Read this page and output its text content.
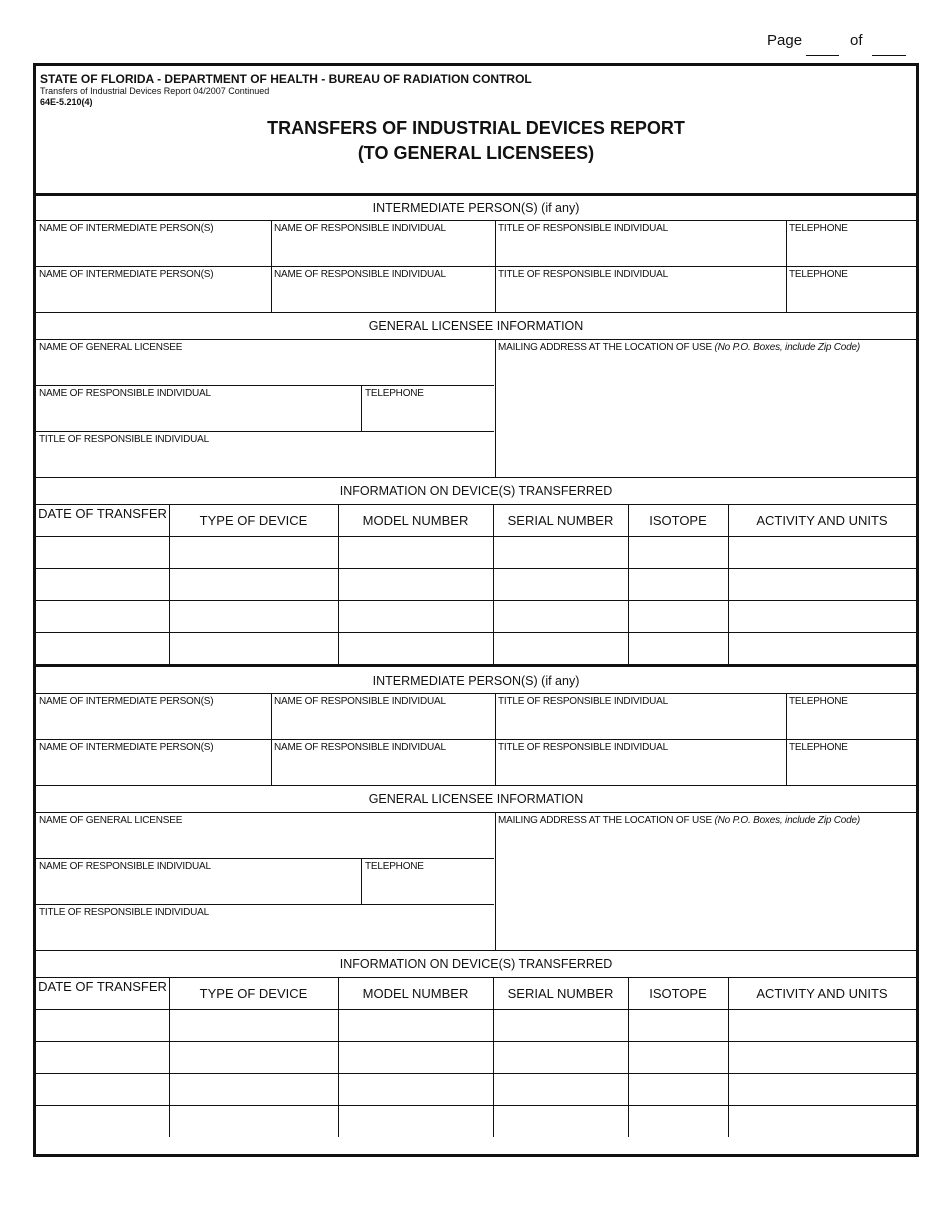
Page	of
STATE OF FLORIDA - DEPARTMENT OF HEALTH - BUREAU OF RADIATION CONTROL
Transfers of Industrial Devices Report 04/2007 Continued
64E-5.210(4)
TRANSFERS OF INDUSTRIAL DEVICES REPORT
(TO GENERAL LICENSEES)
INTERMEDIATE PERSON(S) (if any)
NAME OF INTERMEDIATE PERSON(S)	NAME OF RESPONSIBLE INDIVIDUAL	TITLE OF RESPONSIBLE INDIVIDUAL	TELEPHONE
NAME OF INTERMEDIATE PERSON(S)	NAME OF RESPONSIBLE INDIVIDUAL	TITLE OF RESPONSIBLE INDIVIDUAL	TELEPHONE
GENERAL LICENSEE INFORMATION
NAME OF GENERAL LICENSEE	MAILING ADDRESS AT THE LOCATION OF USE (No P.O. Boxes, include Zip Code)
NAME OF RESPONSIBLE INDIVIDUAL	TELEPHONE
TITLE OF RESPONSIBLE INDIVIDUAL
INFORMATION ON DEVICE(S) TRANSFERRED
DATE OF TRANSFER	TYPE OF DEVICE	MODEL NUMBER	SERIAL NUMBER	ISOTOPE	ACTIVITY AND UNITS
INTERMEDIATE PERSON(S) (if any)
NAME OF INTERMEDIATE PERSON(S)	NAME OF RESPONSIBLE INDIVIDUAL	TITLE OF RESPONSIBLE INDIVIDUAL	TELEPHONE
NAME OF INTERMEDIATE PERSON(S)	NAME OF RESPONSIBLE INDIVIDUAL	TITLE OF RESPONSIBLE INDIVIDUAL	TELEPHONE
GENERAL LICENSEE INFORMATION
NAME OF GENERAL LICENSEE	MAILING ADDRESS AT THE LOCATION OF USE (No P.O. Boxes, include Zip Code)
NAME OF RESPONSIBLE INDIVIDUAL	TELEPHONE
TITLE OF RESPONSIBLE INDIVIDUAL
INFORMATION ON DEVICE(S) TRANSFERRED
DATE OF TRANSFER	TYPE OF DEVICE	MODEL NUMBER	SERIAL NUMBER	ISOTOPE	ACTIVITY AND UNITS
